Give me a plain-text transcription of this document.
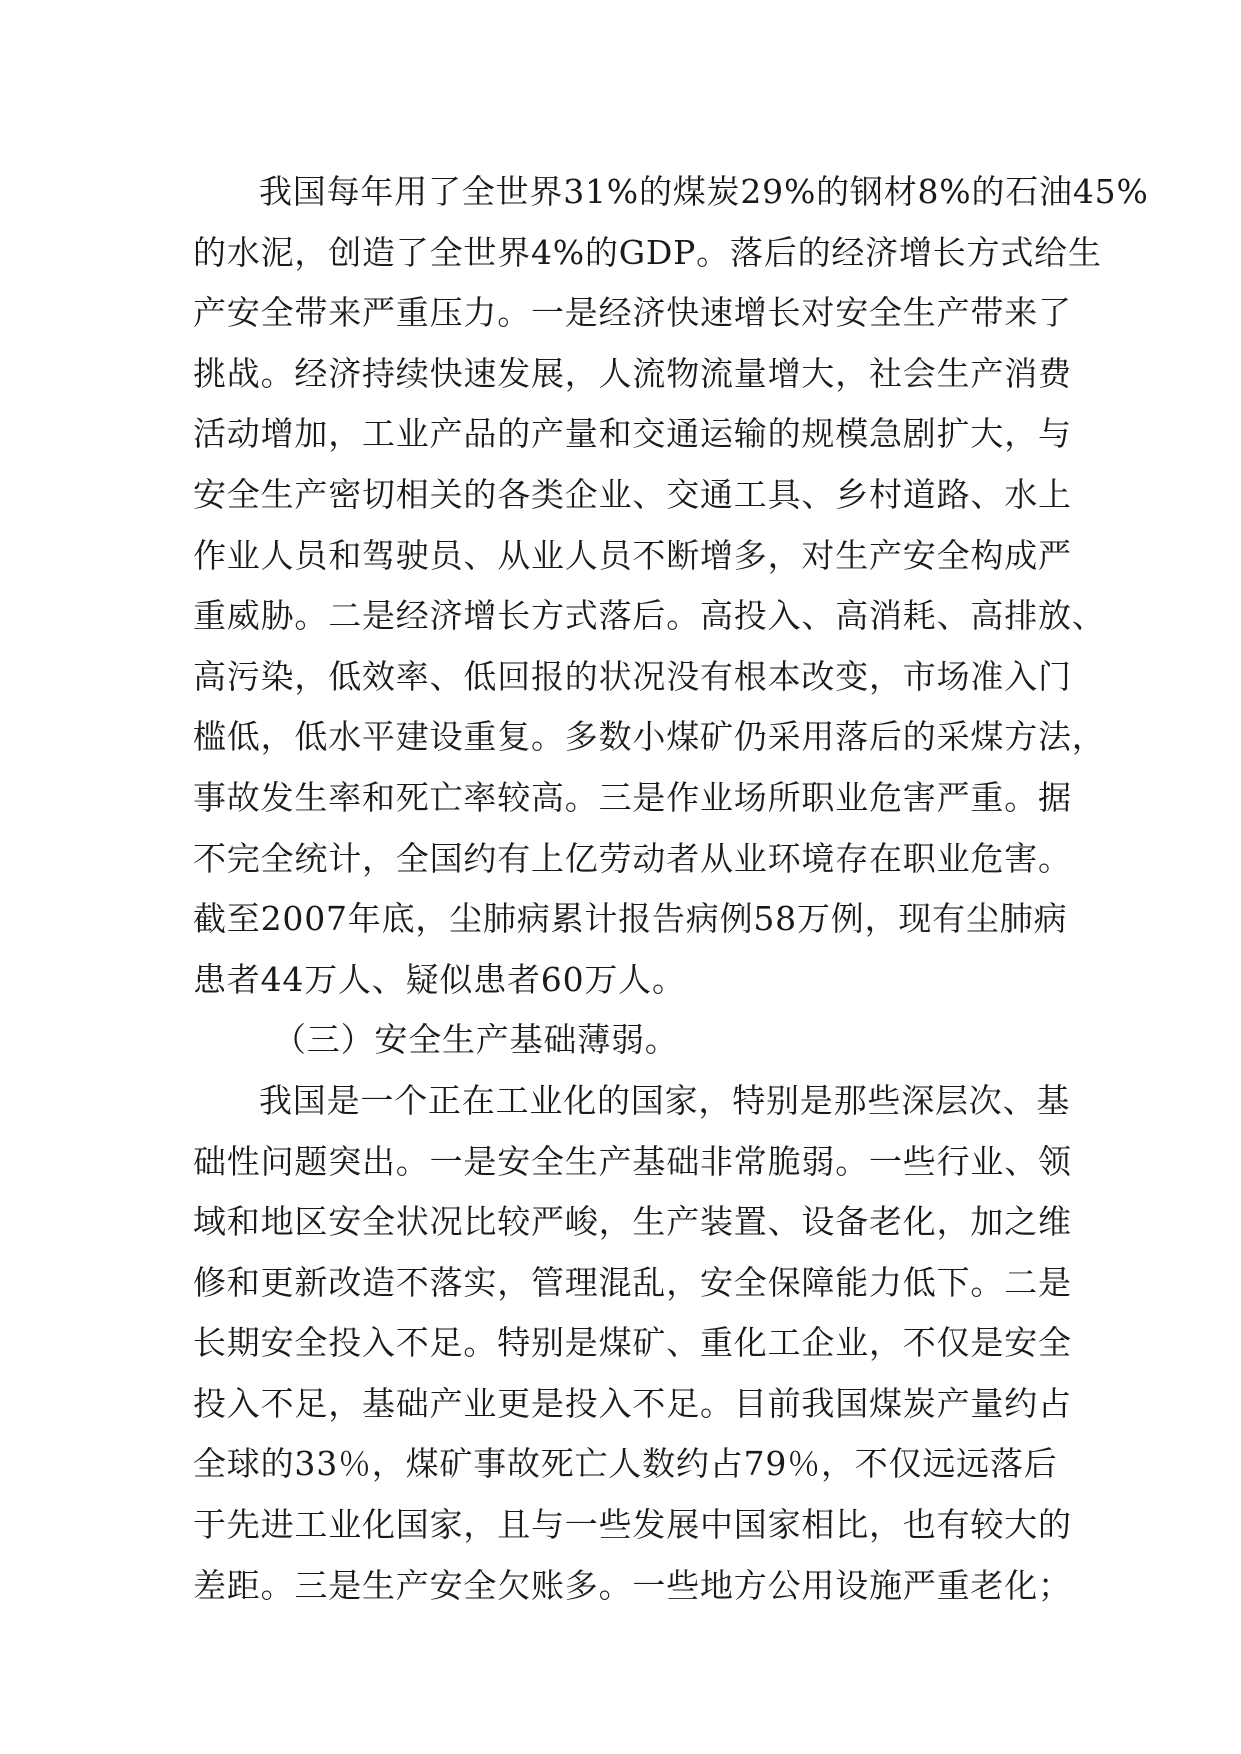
我国每年用了全世界31%的煤炭29%的钢材8%的石油45%
的水泥，创造了全世界4%的GDP。落后的经济增长方式给生
产安全带来严重压力。一是经济快速增长对安全生产带来了
挑战。经济持续快速发展，人流物流量增大，社会生产消费
活动增加，工业产品的产量和交通运输的规模急剧扩大，与
安全生产密切相关的各类企业、交通工具、乡村道路、水上
作业人员和驾驶员、从业人员不断增多，对生产安全构成严
重威胁。二是经济增长方式落后。高投入、高消耗、高排放、
高污染，低效率、低回报的状况没有根本改变，市场准入门
槛低，低水平建设重复。多数小煤矿仍采用落后的采煤方法，
事故发生率和死亡率较高。三是作业场所职业危害严重。据
不完全统计，全国约有上亿劳动者从业环境存在职业危害。
截至2007年底，尘肺病累计报告病例58万例，现有尘肺病
患者44万人、疑似患者60万人。
（三）安全生产基础薄弱。
我国是一个正在工业化的国家，特别是那些深层次、基
础性问题突出。一是安全生产基础非常脆弱。一些行业、领
域和地区安全状况比较严峻，生产装置、设备老化，加之维
修和更新改造不落实，管理混乱，安全保障能力低下。二是
长期安全投入不足。特别是煤矿、重化工企业，不仅是安全
投入不足，基础产业更是投入不足。目前我国煤炭产量约占
全球的33％，煤矿事故死亡人数约占79％，不仅远远落后
于先进工业化国家，且与一些发展中国家相比，也有较大的
差距。三是生产安全欠账多。一些地方公用设施严重老化；
